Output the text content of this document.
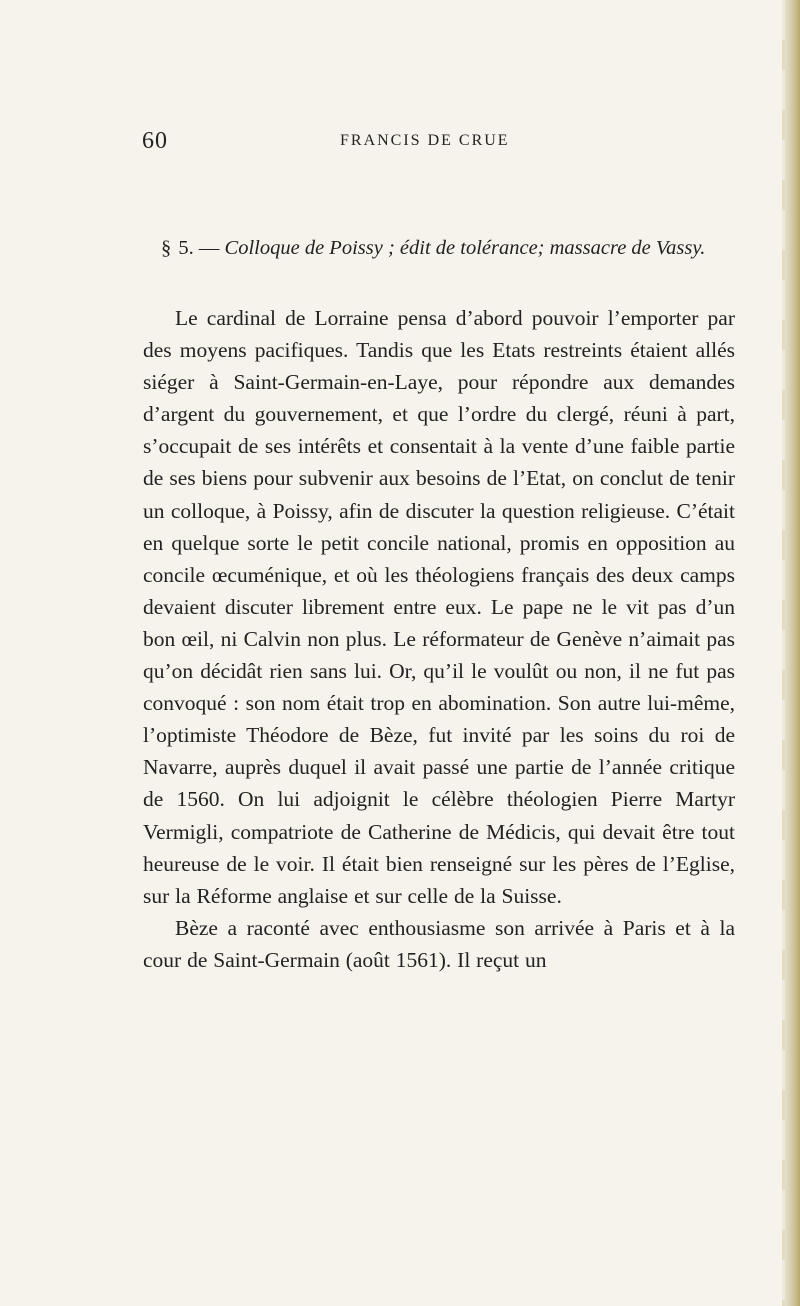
60	FRANCIS DE CRUE
§ 5. — Colloque de Poissy ; édit de tolérance; massacre de Vassy.

Le cardinal de Lorraine pensa d’abord pouvoir l’emporter par des moyens pacifiques. Tandis que les Etats restreints étaient allés siéger à Saint-Germain-en-Laye, pour répondre aux demandes d’argent du gouvernement, et que l’ordre du clergé, réuni à part, s’occupait de ses intérêts et consentait à la vente d’une faible partie de ses biens pour subvenir aux besoins de l’Etat, on conclut de tenir un colloque, à Poissy, afin de discuter la question religieuse. C’était en quelque sorte le petit concile national, promis en opposition au concile œcuménique, et où les théologiens français des deux camps devaient discuter librement entre eux. Le pape ne le vit pas d’un bon œil, ni Calvin non plus. Le réformateur de Genève n’aimait pas qu’on décidât rien sans lui. Or, qu’il le voulût ou non, il ne fut pas convoqué : son nom était trop en abomination. Son autre lui-même, l’optimiste Théodore de Bèze, fut invité par les soins du roi de Navarre, auprès duquel il avait passé une partie de l’année critique de 1560. On lui adjoignit le célèbre théologien Pierre Martyr Vermigli, compatriote de Catherine de Médicis, qui devait être tout heureuse de le voir. Il était bien renseigné sur les pères de l’Eglise, sur la Réforme anglaise et sur celle de la Suisse.

Bèze a raconté avec enthousiasme son arrivée à Paris et à la cour de Saint-Germain (août 1561). Il reçut un
